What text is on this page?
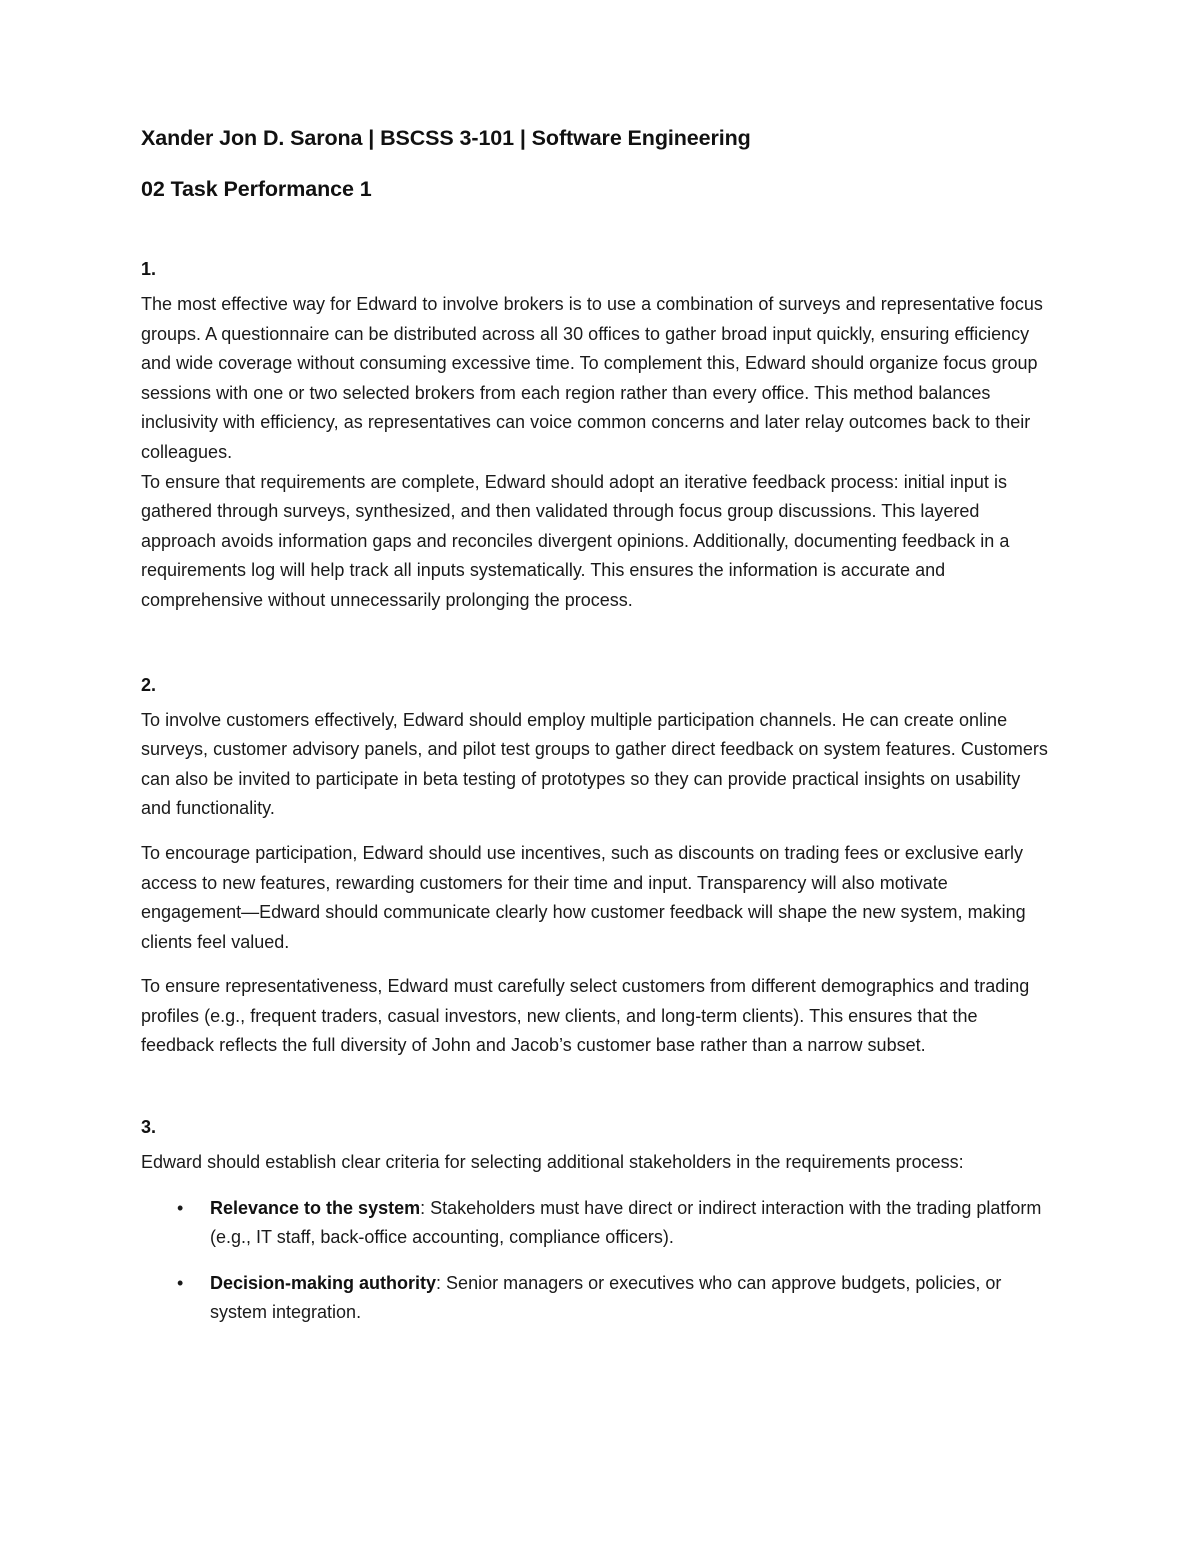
Xander Jon D. Sarona | BSCSS 3-101 | Software Engineering
02 Task Performance 1
1.

The most effective way for Edward to involve brokers is to use a combination of surveys and representative focus groups. A questionnaire can be distributed across all 30 offices to gather broad input quickly, ensuring efficiency and wide coverage without consuming excessive time. To complement this, Edward should organize focus group sessions with one or two selected brokers from each region rather than every office. This method balances inclusivity with efficiency, as representatives can voice common concerns and later relay outcomes back to their colleagues.

To ensure that requirements are complete, Edward should adopt an iterative feedback process: initial input is gathered through surveys, synthesized, and then validated through focus group discussions. This layered approach avoids information gaps and reconciles divergent opinions. Additionally, documenting feedback in a requirements log will help track all inputs systematically. This ensures the information is accurate and comprehensive without unnecessarily prolonging the process.

2.

To involve customers effectively, Edward should employ multiple participation channels. He can create online surveys, customer advisory panels, and pilot test groups to gather direct feedback on system features. Customers can also be invited to participate in beta testing of prototypes so they can provide practical insights on usability and functionality.

To encourage participation, Edward should use incentives, such as discounts on trading fees or exclusive early access to new features, rewarding customers for their time and input. Transparency will also motivate engagement—Edward should communicate clearly how customer feedback will shape the new system, making clients feel valued.

To ensure representativeness, Edward must carefully select customers from different demographics and trading profiles (e.g., frequent traders, casual investors, new clients, and long-term clients). This ensures that the feedback reflects the full diversity of John and Jacob’s customer base rather than a narrow subset.

3.

Edward should establish clear criteria for selecting additional stakeholders in the requirements process:

• Relevance to the system: Stakeholders must have direct or indirect interaction with the trading platform (e.g., IT staff, back-office accounting, compliance officers).
• Decision-making authority: Senior managers or executives who can approve budgets, policies, or system integration.
